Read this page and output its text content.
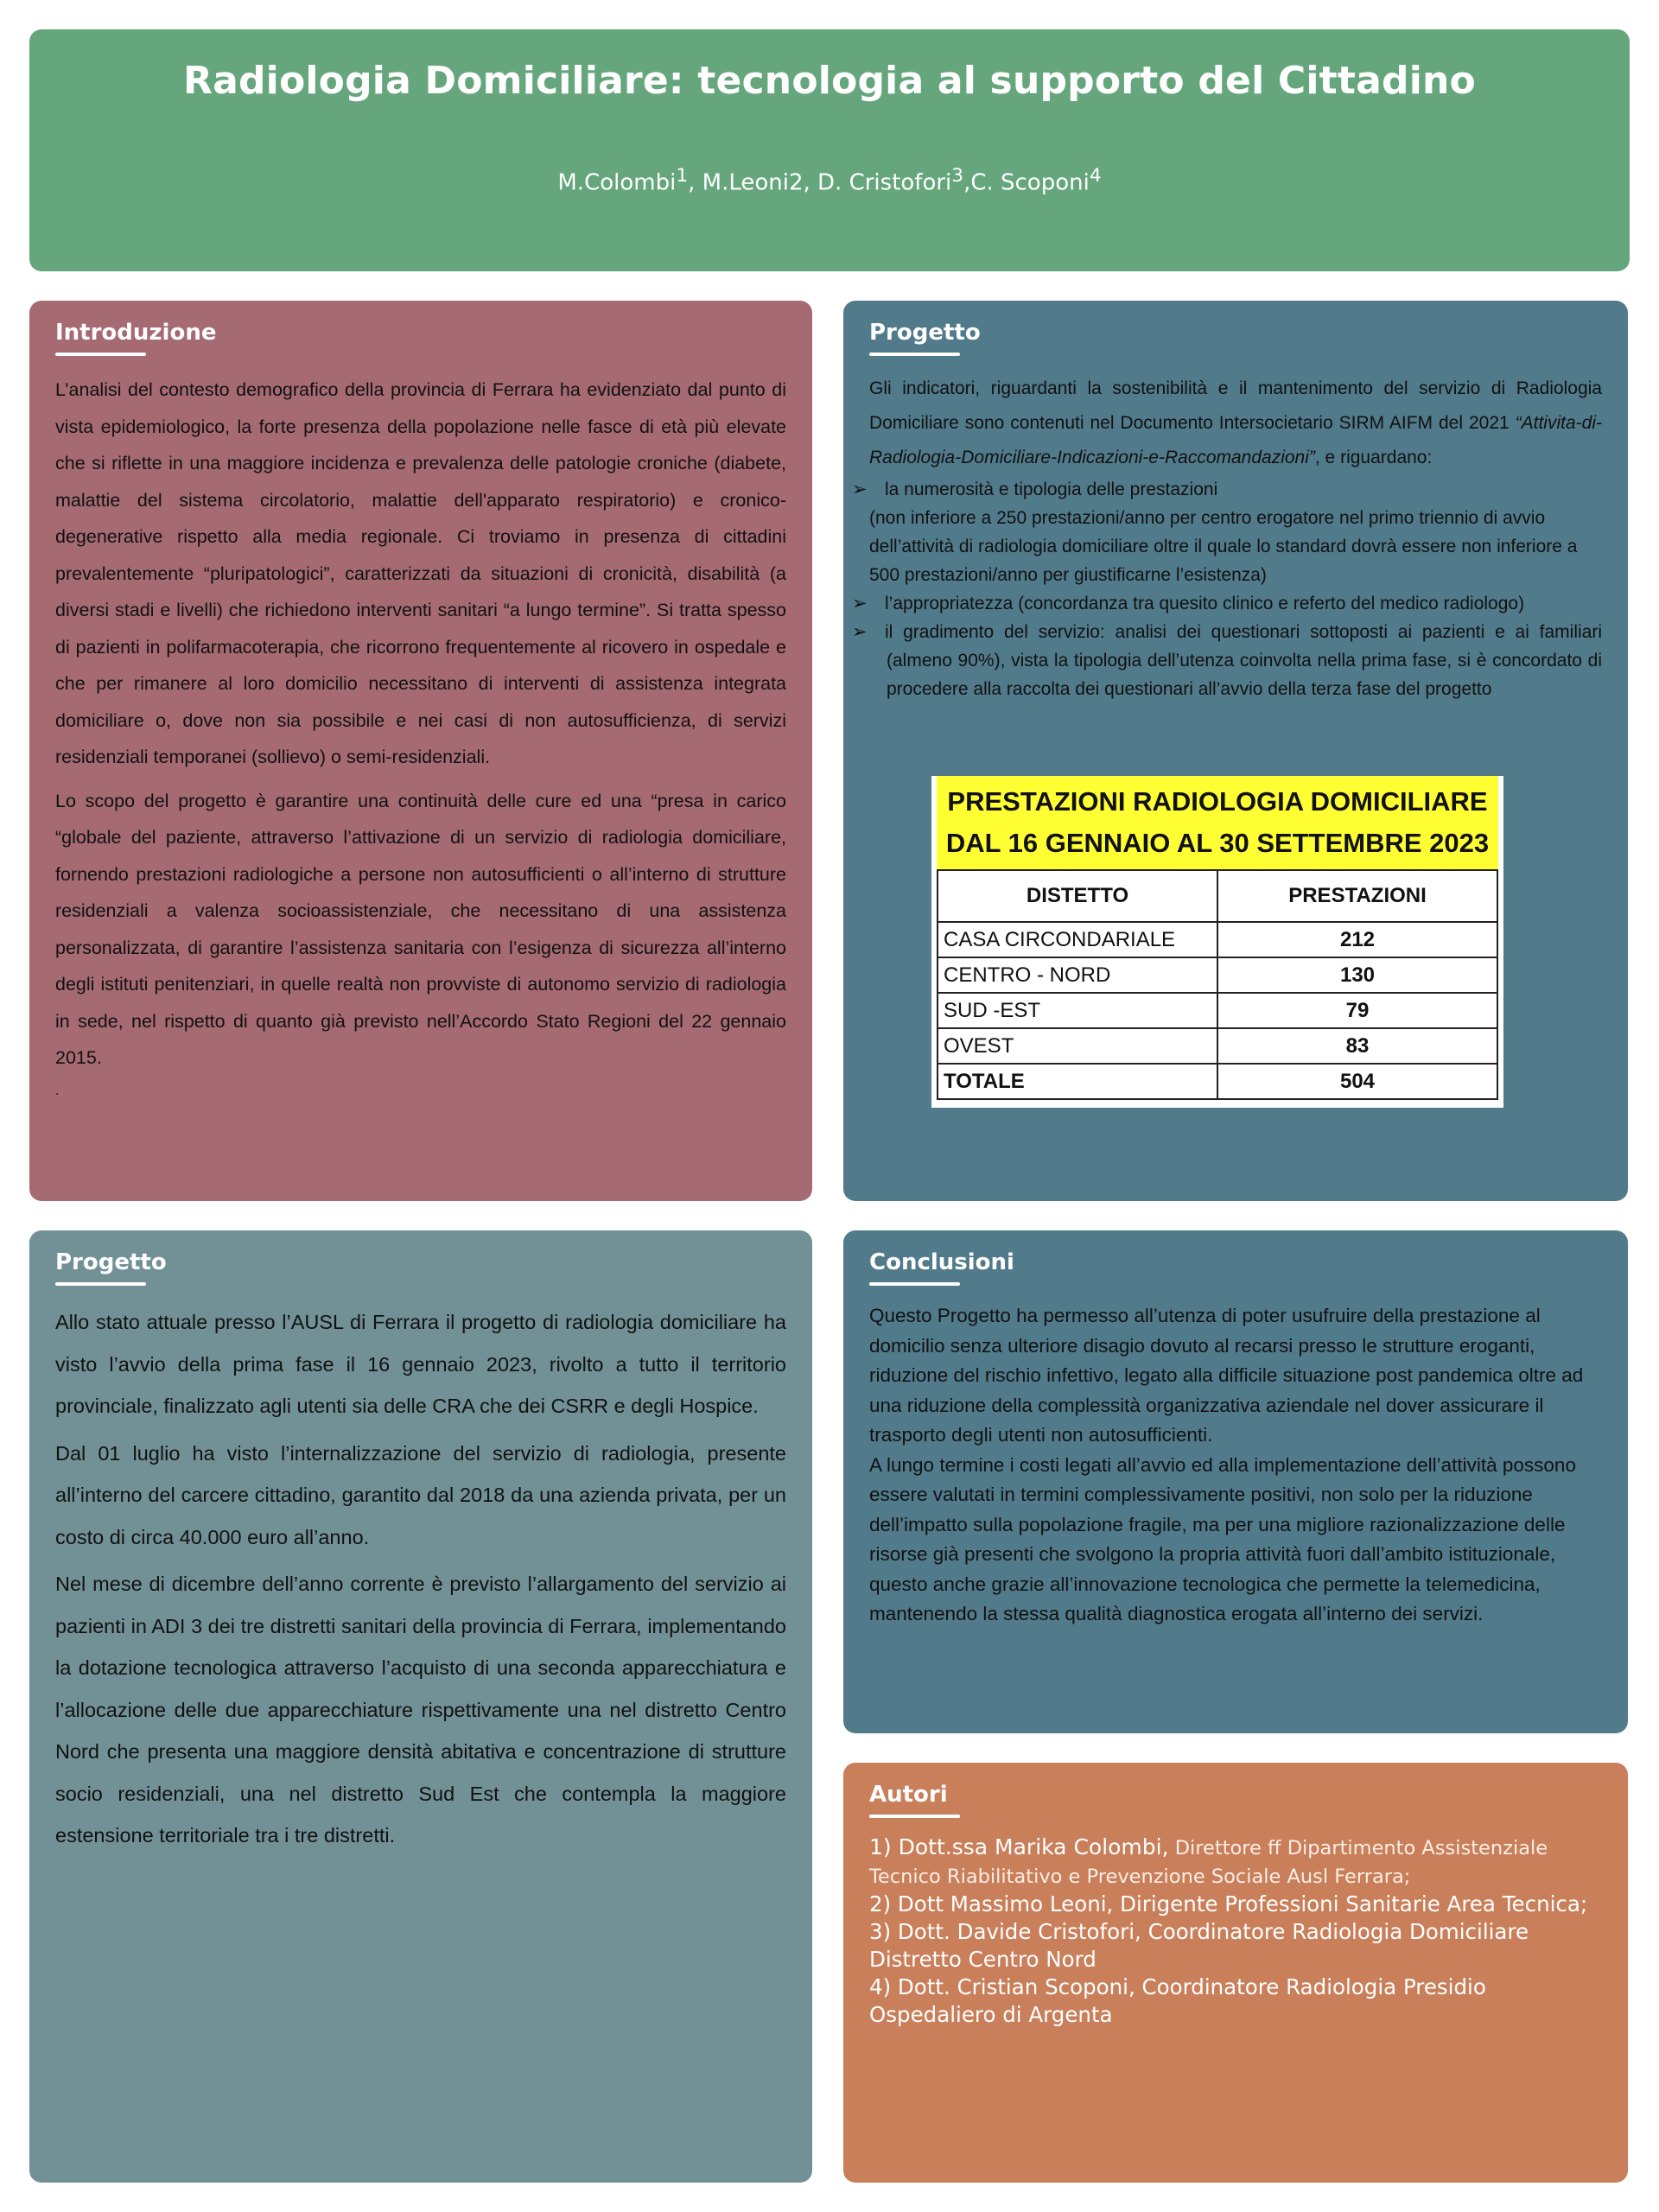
Radiologia Domiciliare: tecnologia al supporto del Cittadino
M.Colombi$^1$, M.Leoni2, D. Cristofori$^3$,C. Scoponi$^4$
Introduzione

L’analisi del contesto demografico della provincia di Ferrara ha evidenziato dal punto di vista epidemiologico, la forte presenza della popolazione nelle fasce di età più elevate che si riflette in una maggiore incidenza e prevalenza delle patologie croniche (diabete, malattie del sistema circolatorio, malattie dell'apparato respiratorio) e cronico-degenerative rispetto alla media regionale. Ci troviamo in presenza di cittadini prevalentemente “pluripatologici”, caratterizzati da situazioni di cronicità, disabilità (a diversi stadi e livelli) che richiedono interventi sanitari “a lungo termine”. Si tratta spesso di pazienti in polifarmacoterapia, che ricorrono frequentemente al ricovero in ospedale e che per rimanere al loro domicilio necessitano di interventi di assistenza integrata domiciliare o, dove non sia possibile e nei casi di non autosufficienza, di servizi residenziali temporanei (sollievo) o semi-residenziali.

Lo scopo del progetto è garantire una continuità delle cure ed una “presa in carico “globale del paziente, attraverso l’attivazione di un servizio di radiologia domiciliare, fornendo prestazioni radiologiche a persone non autosufficienti o all’interno di strutture residenziali a valenza socioassistenziale, che necessitano di una assistenza personalizzata, di garantire l’assistenza sanitaria con l’esigenza di sicurezza all’interno degli istituti penitenziari, in quelle realtà non provviste di autonomo servizio di radiologia in sede, nel rispetto di quanto già previsto nell’Accordo Stato Regioni del 22 gennaio 2015.

.
Progetto

Gli indicatori, riguardanti la sostenibilità e il mantenimento del servizio di Radiologia Domiciliare sono contenuti nel Documento Intersocietario SIRM AIFM del 2021 “Attivita-di-Radiologia-Domiciliare-Indicazioni-e-Raccomandazioni”, e riguardano:

➢ la numerosità e tipologia delle prestazioni

(non inferiore a 250 prestazioni/anno per centro erogatore nel primo triennio di avvio dell’attività di radiologia domiciliare oltre il quale lo standard dovrà essere non inferiore a 500 prestazioni/anno per giustificarne l’esistenza)

➢ l’appropriatezza (concordanza tra quesito clinico e referto del medico radiologo)

➢ il gradimento del servizio: analisi dei questionari sottoposti ai pazienti e ai familiari (almeno 90%), vista la tipologia dell’utenza coinvolta nella prima fase, si è concordato di procedere alla raccolta dei questionari all’avvio della terza fase del progetto

PRESTAZIONI RADIOLOGIA DOMICILIARE
DAL 16 GENNAIO AL 30 SETTEMBRE 2023
DISTETTO	PRESTAZIONI
CASA CIRCONDARIALE	212
CENTRO - NORD	130
SUD -EST	79
OVEST	83
TOTALE	504
Progetto

Allo stato attuale presso l’AUSL di Ferrara il progetto di radiologia domiciliare ha visto l’avvio della prima fase il 16 gennaio 2023, rivolto a tutto il territorio provinciale, finalizzato agli utenti sia delle CRA che dei CSRR e degli Hospice.

Dal 01 luglio ha visto l’internalizzazione del servizio di radiologia, presente all’interno del carcere cittadino, garantito dal 2018 da una azienda privata, per un costo di circa 40.000 euro all’anno.

Nel mese di dicembre dell’anno corrente è previsto l’allargamento del servizio ai pazienti in ADI 3 dei tre distretti sanitari della provincia di Ferrara, implementando la dotazione tecnologica attraverso l’acquisto di una seconda apparecchiatura e l’allocazione delle due apparecchiature rispettivamente una nel distretto Centro Nord che presenta una maggiore densità abitativa e concentrazione di strutture socio residenziali, una nel distretto Sud Est che contempla la maggiore estensione territoriale tra i tre distretti.

Conclusioni

Questo Progetto ha permesso all’utenza di poter usufruire della prestazione al domicilio senza ulteriore disagio dovuto al recarsi presso le strutture eroganti, riduzione del rischio infettivo, legato alla difficile situazione post pandemica oltre ad una riduzione della complessità organizzativa aziendale nel dover assicurare il trasporto degli utenti non autosufficienti.

A lungo termine i costi legati all’avvio ed alla implementazione dell’attività possono essere valutati in termini complessivamente positivi, non solo per la riduzione dell’impatto sulla popolazione fragile, ma per una migliore razionalizzazione delle risorse già presenti che svolgono la propria attività fuori dall’ambito istituzionale, questo anche grazie all’innovazione tecnologica che permette la telemedicina, mantenendo la stessa qualità diagnostica erogata all’interno dei servizi.

Autori

1) Dott.ssa Marika Colombi, Direttore ff Dipartimento Assistenziale Tecnico Riabilitativo e Prevenzione Sociale Ausl Ferrara;

2) Dott Massimo Leoni, Dirigente Professioni Sanitarie Area Tecnica;

3) Dott. Davide Cristofori, Coordinatore Radiologia Domiciliare Distretto Centro Nord

4) Dott. Cristian Scoponi, Coordinatore Radiologia Presidio Ospedaliero di Argenta
